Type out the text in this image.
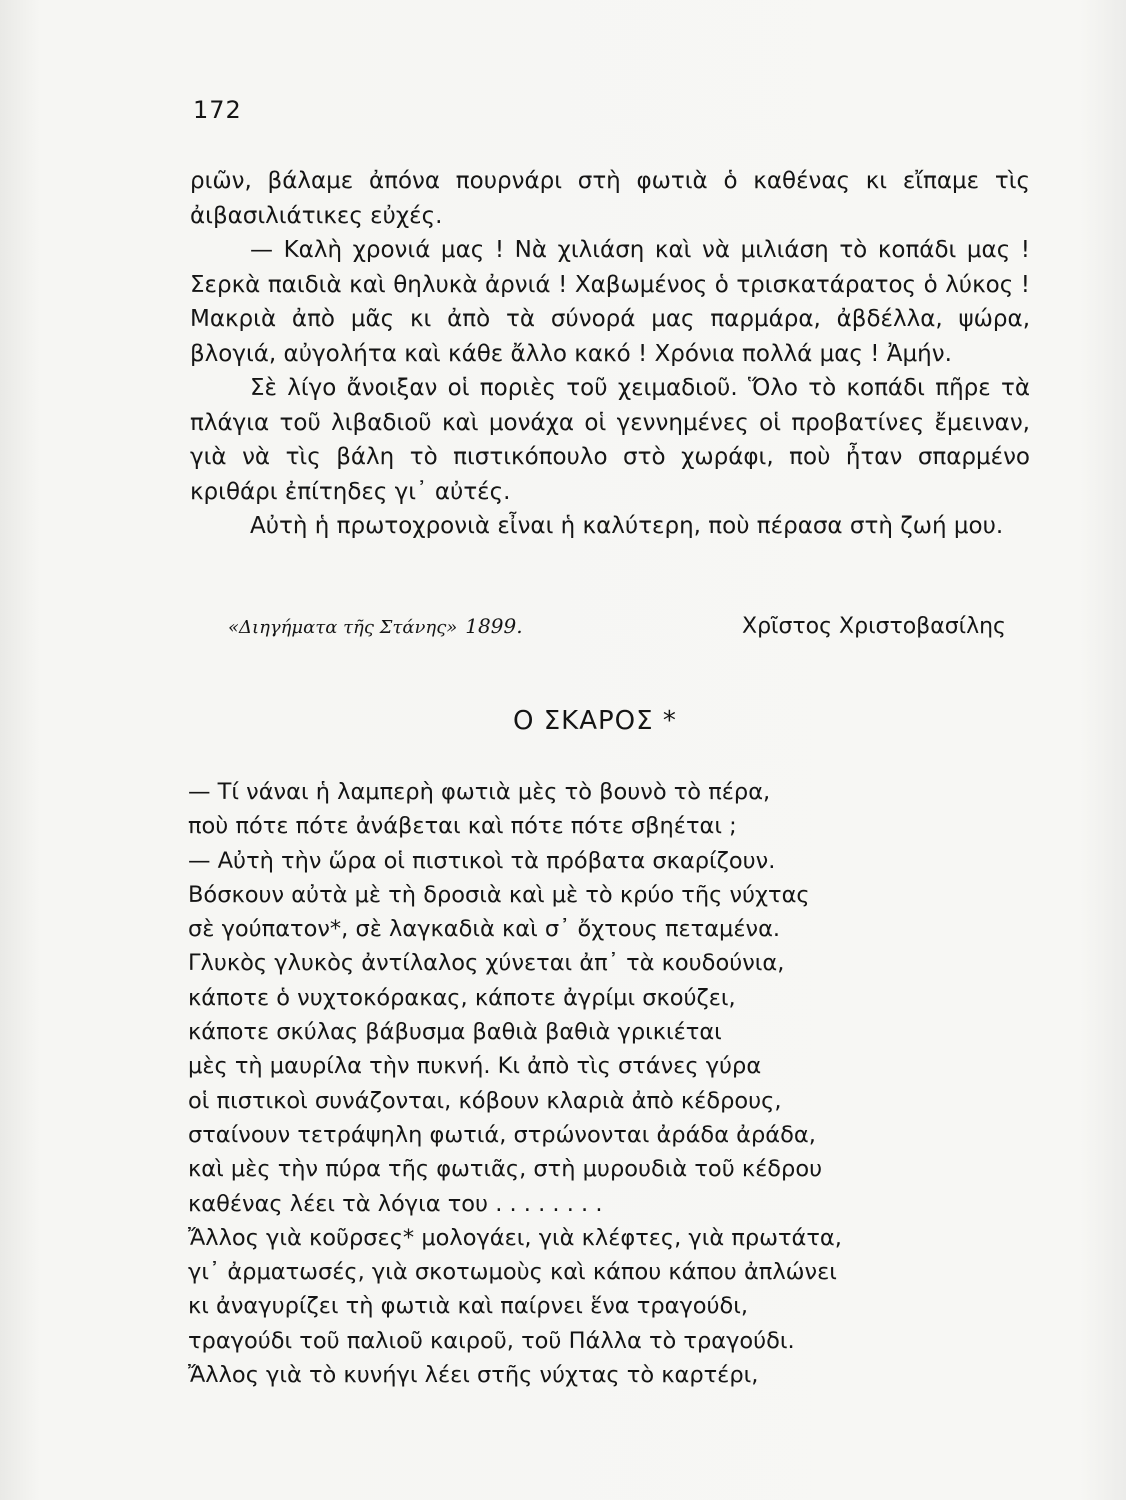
172

ριῶν, βάλαμε ἀπόνα πουρνάρι στὴ φωτιὰ ὁ καθένας κι εἴπαμε τὶς ἀιβασιλιάτικες εὐχές.

— Καλὴ χρονιά μας ! Νὰ χιλιάση καὶ νὰ μιλιάση τὸ κοπάδι μας ! Σερκὰ παιδιὰ καὶ θηλυκὰ ἀρνιά ! Χαβωμένος ὁ τρισκατάρατος ὁ λύκος ! Μακριὰ ἀπὸ μᾶς κι ἀπὸ τὰ σύνορά μας παρμάρα, ἀβδέλλα, ψώρα, βλογιά, αὐγολήτα καὶ κάθε ἄλλο κακό ! Χρόνια πολλά μας ! Ἀμήν.

Σὲ λίγο ἄνοιξαν οἱ ποριὲς τοῦ χειμαδιοῦ. Ὅλο τὸ κοπάδι πῆρε τὰ πλάγια τοῦ λιβαδιοῦ καὶ μονάχα οἱ γεννημένες οἱ προβατίνες ἔμειναν, γιὰ νὰ τὶς βάλη τὸ πιστικόπουλο στὸ χωράφι, ποὺ ἦταν σπαρμένο κριθάρι ἐπίτηδες γι᾽ αὐτές.

Αὐτὴ ἡ πρωτοχρονιὰ εἶναι ἡ καλύτερη, ποὺ πέρασα στὴ ζωή μου.

«Διηγήματα τῆς Στάνης» 1899.	Χρῖστος Χριστοβασίλης
Ο ΣΚΑΡΟΣ *
— Τί νάναι ἡ λαμπερὴ φωτιὰ μὲς τὸ βουνὸ τὸ πέρα,
ποὺ πότε πότε ἀνάβεται καὶ πότε πότε σβηέται ;
— Αὐτὴ τὴν ὥρα οἱ πιστικοὶ τὰ πρόβατα σκαρίζουν.
Βόσκουν αὐτὰ μὲ τὴ δροσιὰ καὶ μὲ τὸ κρύο τῆς νύχτας
σὲ γούπατον*, σὲ λαγκαδιὰ καὶ σ᾽ ὄχτους πεταμένα.
Γλυκὸς γλυκὸς ἀντίλαλος χύνεται ἀπ᾽ τὰ κουδούνια,
κάποτε ὁ νυχτοκόρακας, κάποτε ἀγρίμι σκούζει,
κάποτε σκύλας βάβυσμα βαθιὰ βαθιὰ γρικιέται
μὲς τὴ μαυρίλα τὴν πυκνή. Κι ἀπὸ τὶς στάνες γύρα
οἱ πιστικοὶ συνάζονται, κόβουν κλαριὰ ἀπὸ κέδρους,
σταίνουν τετράψηλη φωτιά, στρώνονται ἀράδα ἀράδα,
καὶ μὲς τὴν πύρα τῆς φωτιᾶς, στὴ μυρουδιὰ τοῦ κέδρου
καθένας λέει τὰ λόγια του . . . . . . . .
Ἄλλος γιὰ κοῦρσες* μολογάει, γιὰ κλέφτες, γιὰ πρωτάτα,
γι᾽ ἀρματωσές, γιὰ σκοτωμοὺς καὶ κάπου κάπου ἀπλώνει
κι ἀναγυρίζει τὴ φωτιὰ καὶ παίρνει ἕνα τραγούδι,
τραγούδι τοῦ παλιοῦ καιροῦ, τοῦ Πάλλα τὸ τραγούδι.
Ἄλλος γιὰ τὸ κυνήγι λέει στῆς νύχτας τὸ καρτέρι,
